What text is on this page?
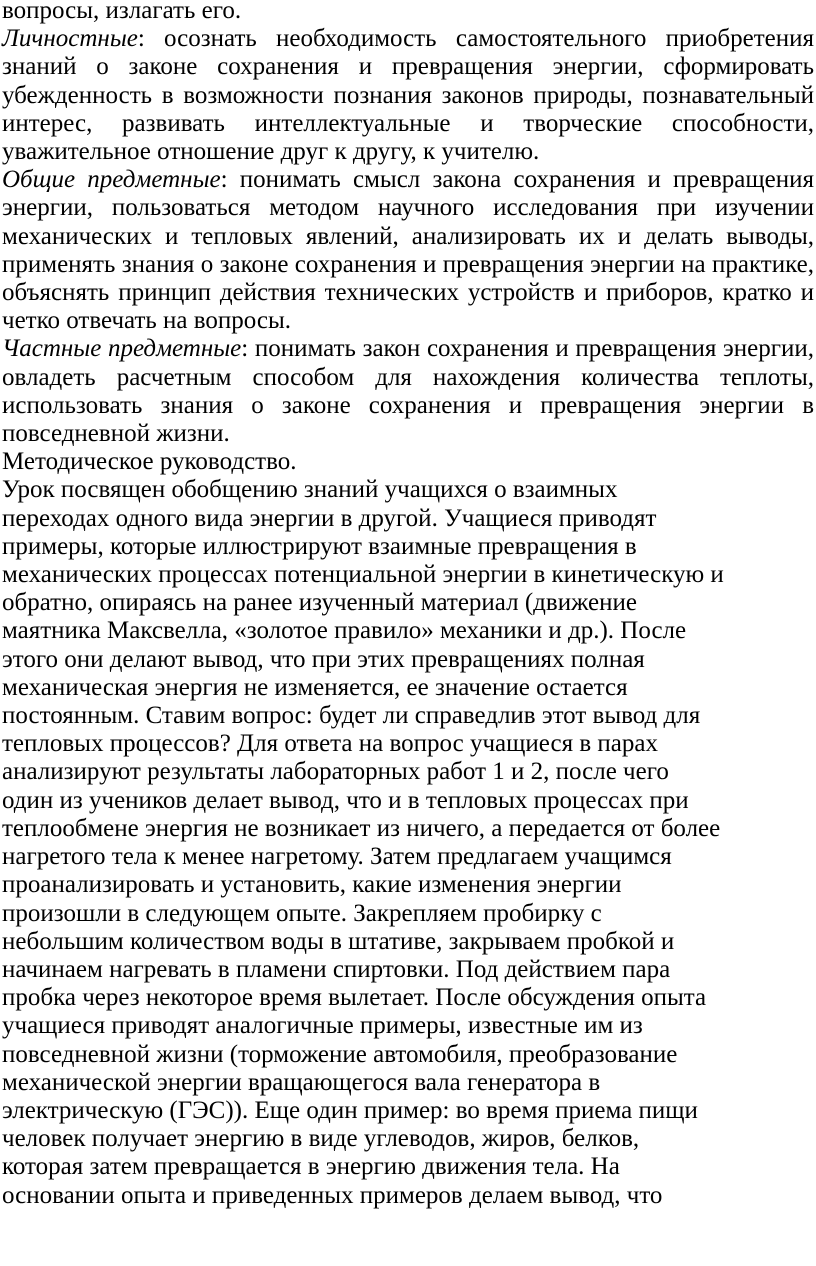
вопросы, излагать его.

Личностные: осознать необходимость самостоятельного приобретения знаний о законе сохранения и превращения энергии, сформировать убежденность в возможности познания законов природы, познавательный интерес, развивать интеллектуальные и творческие способности, уважительное отношение друг к другу, к учителю.

Общие предметные: понимать смысл закона сохранения и превращения энергии, пользоваться методом научного исследования при изучении механических и тепловых явлений, анализировать их и делать выводы, применять знания о законе сохранения и превращения энергии на практике, объяснять принцип действия технических устройств и приборов, кратко и четко отвечать на вопросы.

Частные предметные: понимать закон сохранения и превращения энергии, овладеть расчетным способом для нахождения количества теплоты, использовать знания о законе сохранения и превращения энергии в повседневной жизни.

Методическое руководство.

Урок посвящен обобщению знаний учащихся о взаимных
переходах одного вида энергии в другой. Учащиеся приводят
примеры, которые иллюстрируют взаимные превращения в
механических процессах потенциальной энергии в кинетическую и
обратно, опираясь на ранее изученный материал (движение
маятника Максвелла, «золотое правило» механики и др.). После
этого они делают вывод, что при этих превращениях полная
механическая энергия не изменяется, ее значение остается
постоянным. Ставим вопрос: будет ли справедлив этот вывод для
тепловых процессов? Для ответа на вопрос учащиеся в парах
анализируют результаты лабораторных работ 1 и 2, после чего
один из учеников делает вывод, что и в тепловых процессах при
теплообмене энергия не возникает из ничего, а передается от более
нагретого тела к менее нагретому. Затем предлагаем учащимся
проанализировать и установить, какие изменения энергии
произошли в следующем опыте. Закрепляем пробирку с
небольшим количеством воды в штативе, закрываем пробкой и
начинаем нагревать в пламени спиртовки. Под действием пара
пробка через некоторое время вылетает. После обсуждения опыта
учащиеся приводят аналогичные примеры, известные им из
повседневной жизни (торможение автомобиля, преобразование
механической энергии вращающегося вала генератора в
электрическую (ГЭС)). Еще один пример: во время приема пищи
человек получает энергию в виде углеводов, жиров, белков,
которая затем превращается в энергию движения тела. На
основании опыта и приведенных примеров делаем вывод, что
